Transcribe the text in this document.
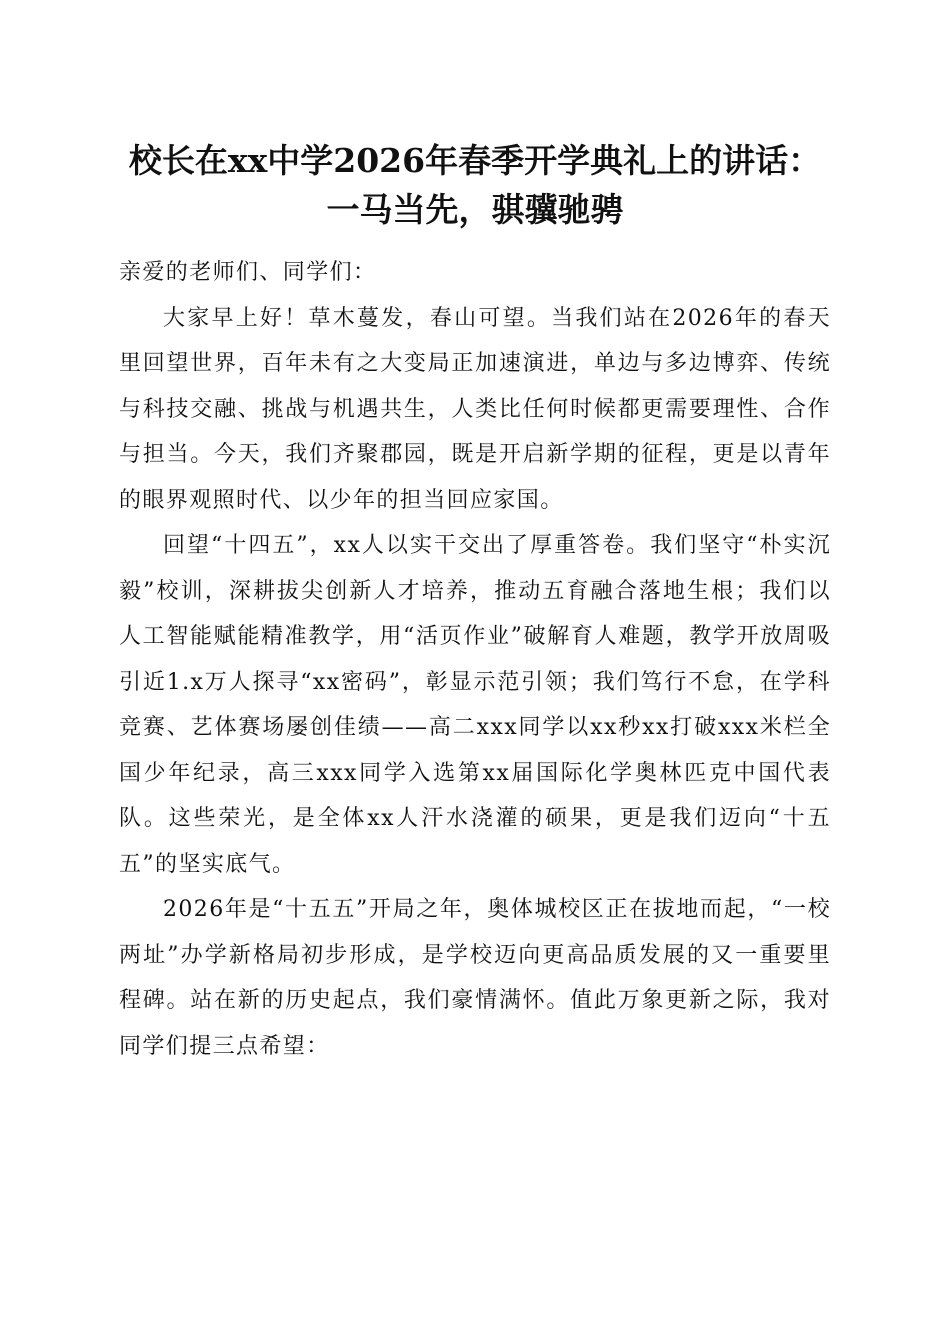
校长在xx中学2026年春季开学典礼上的讲话：
一马当先，骐骥驰骋

亲爱的老师们、同学们：

大家早上好！草木蔓发，春山可望。当我们站在2026年的春天里回望世界，百年未有之大变局正加速演进，单边与多边博弈、传统与科技交融、挑战与机遇共生，人类比任何时候都更需要理性、合作与担当。今天，我们齐聚郡园，既是开启新学期的征程，更是以青年的眼界观照时代、以少年的担当回应家国。

回望“十四五”，xx人以实干交出了厚重答卷。我们坚守“朴实沉毅”校训，深耕拔尖创新人才培养，推动五育融合落地生根；我们以人工智能赋能精准教学，用“活页作业”破解育人难题，教学开放周吸引近1.x万人探寻“xx密码”，彰显示范引领；我们笃行不怠，在学科竞赛、艺体赛场屡创佳绩——高二xxx同学以xx秒xx打破xxx米栏全国少年纪录，高三xxx同学入选第xx届国际化学奥林匹克中国代表队。这些荣光，是全体xx人汗水浇灌的硕果，更是我们迈向“十五五”的坚实底气。

2026年是“十五五”开局之年，奥体城校区正在拔地而起，“一校两址”办学新格局初步形成，是学校迈向更高品质发展的又一重要里程碑。站在新的历史起点，我们豪情满怀。值此万象更新之际，我对同学们提三点希望：
